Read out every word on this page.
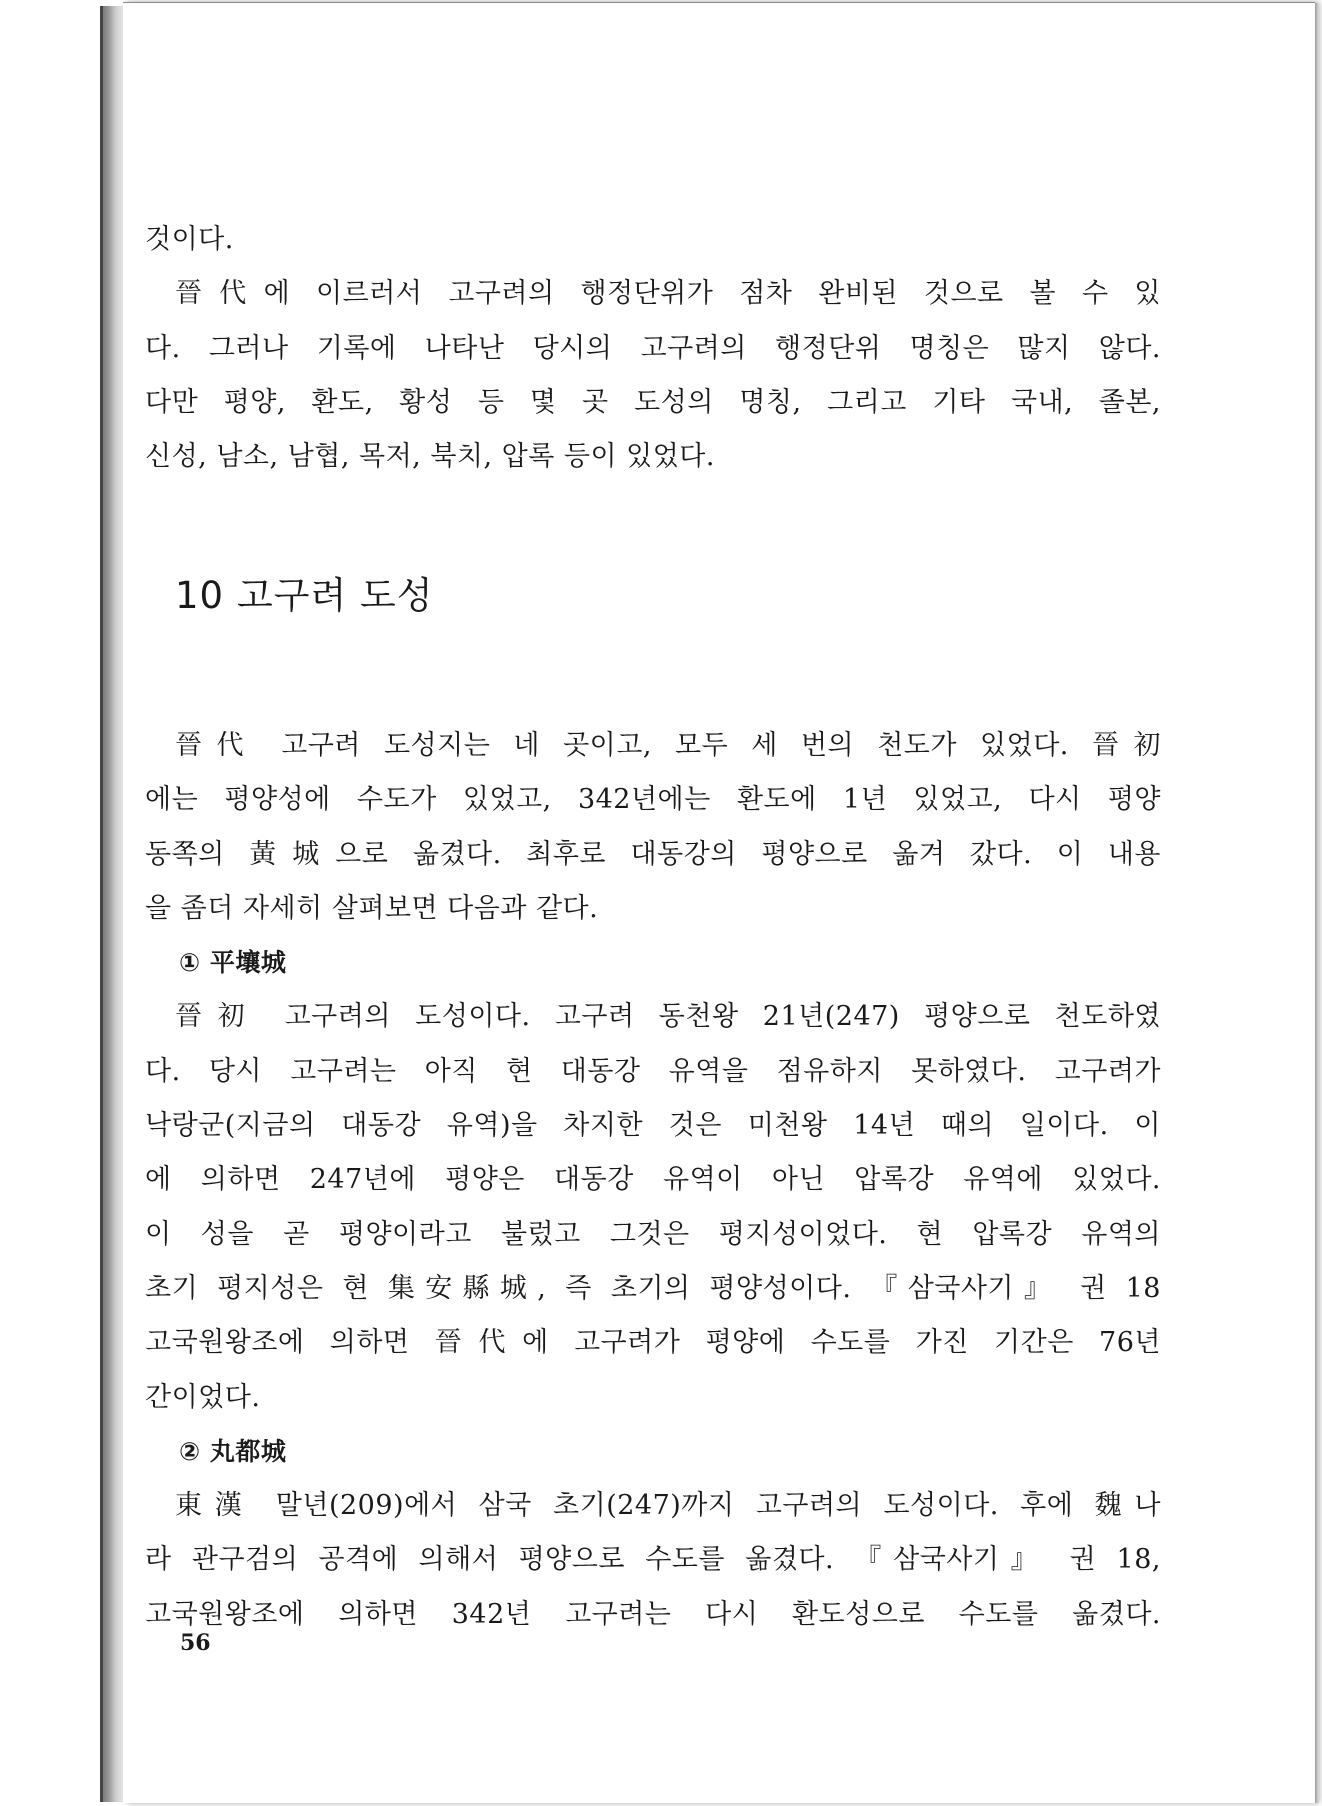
것이다.
晉代에 이르러서 고구려의 행정단위가 점차 완비된 것으로 볼 수 있
다. 그러나 기록에 나타난 당시의 고구려의 행정단위 명칭은 많지 않다.
다만 평양, 환도, 황성 등 몇 곳 도성의 명칭, 그리고 기타 국내, 졸본,
신성, 남소, 남협, 목저, 북치, 압록 등이 있었다.
10 고구려 도성
晉代 고구려 도성지는 네 곳이고, 모두 세 번의 천도가 있었다. 晉初
에는 평양성에 수도가 있었고, 342년에는 환도에 1년 있었고, 다시 평양
동쪽의 黃城으로 옮겼다. 최후로 대동강의 평양으로 옮겨 갔다. 이 내용
을 좀더 자세히 살펴보면 다음과 같다.
① 平壤城
晉初 고구려의 도성이다. 고구려 동천왕 21년(247) 평양으로 천도하였
다. 당시 고구려는 아직 현 대동강 유역을 점유하지 못하였다. 고구려가
낙랑군(지금의 대동강 유역)을 차지한 것은 미천왕 14년 때의 일이다. 이
에 의하면 247년에 평양은 대동강 유역이 아닌 압록강 유역에 있었다.
이 성을 곧 평양이라고 불렀고 그것은 평지성이었다. 현 압록강 유역의
초기 평지성은 현 集安縣城, 즉 초기의 평양성이다. 『삼국사기』 권 18
고국원왕조에 의하면 晉代에 고구려가 평양에 수도를 가진 기간은 76년
간이었다.
② 丸都城
東漢 말년(209)에서 삼국 초기(247)까지 고구려의 도성이다. 후에 魏나
라 관구검의 공격에 의해서 평양으로 수도를 옮겼다. 『삼국사기』 권 18,
고국원왕조에 의하면 342년 고구려는 다시 환도성으로 수도를 옮겼다.
56
